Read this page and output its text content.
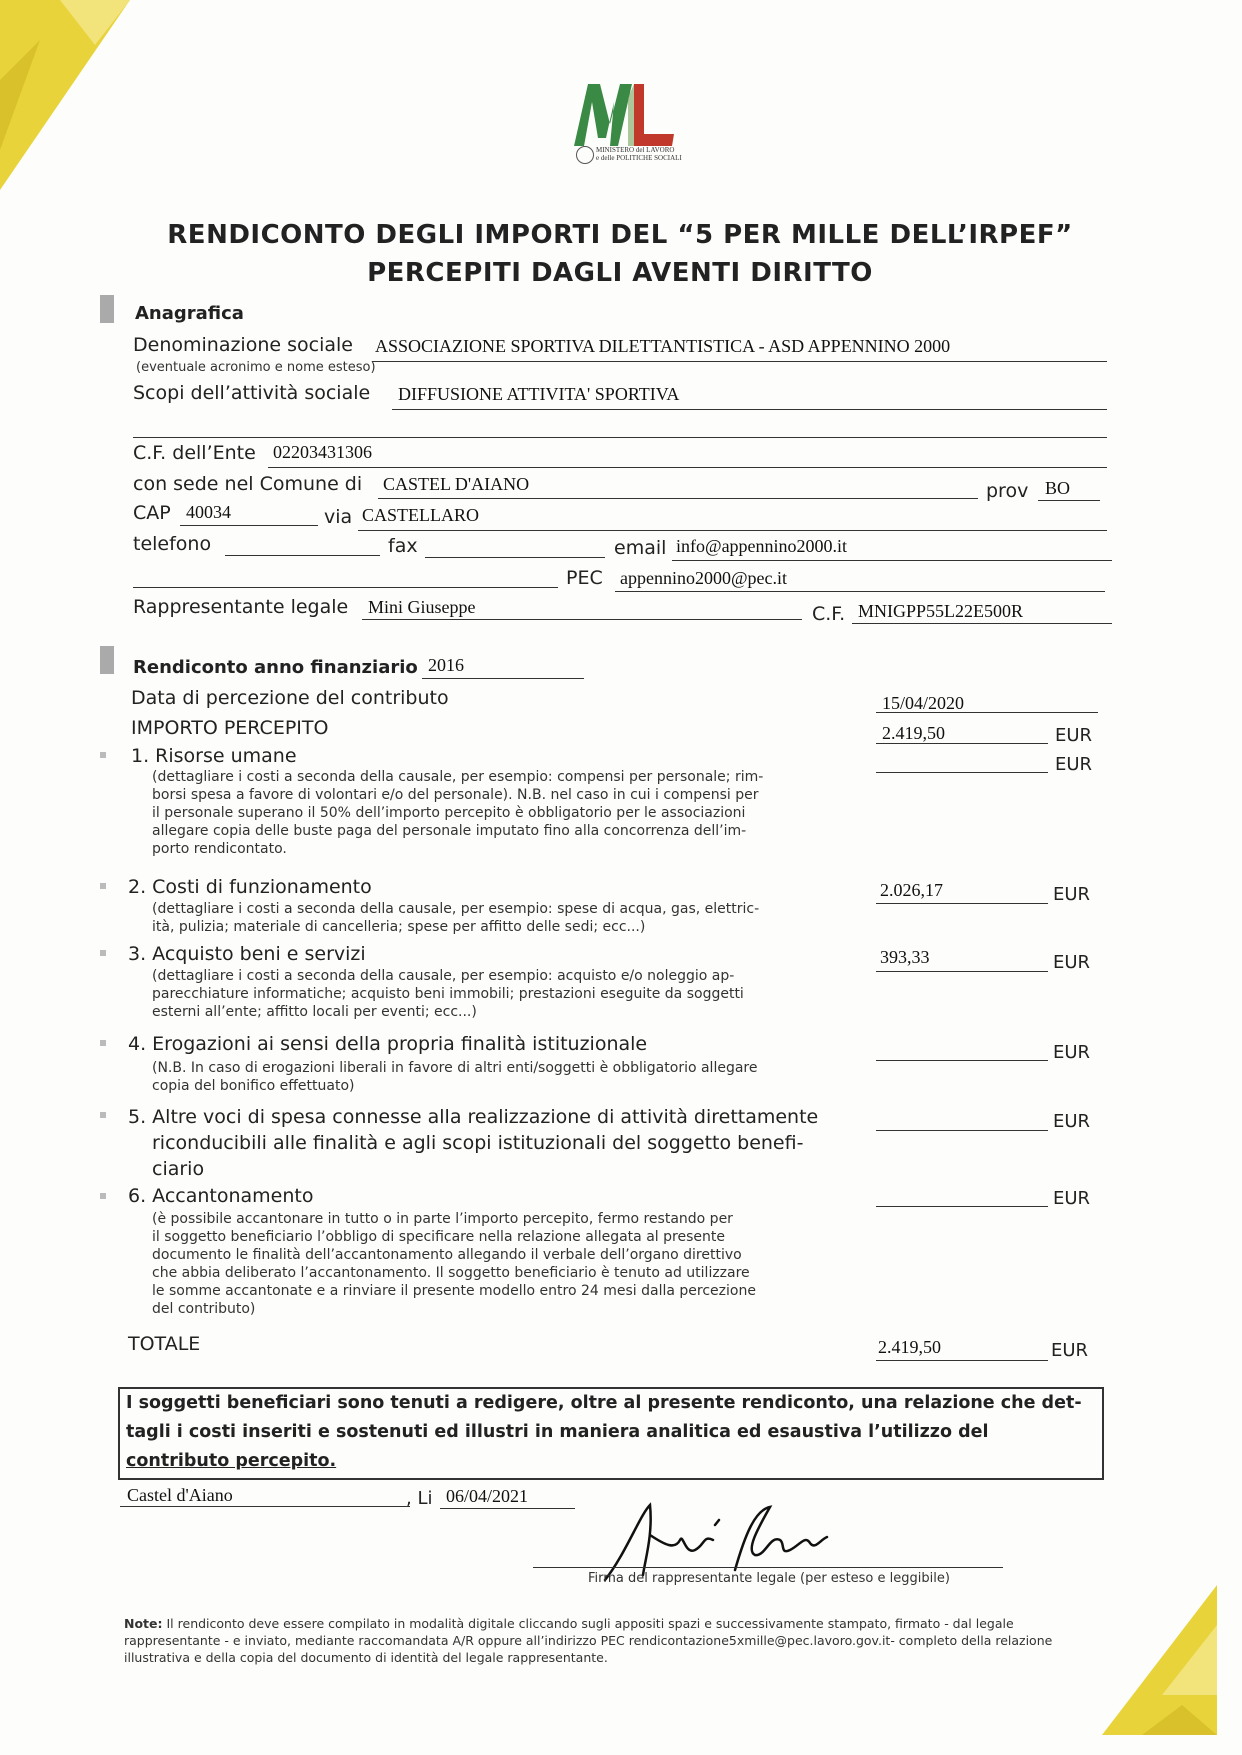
MINISTERO del LAVORO
e delle POLITICHE SOCIALI
RENDICONTO DEGLI IMPORTI DEL “5 PER MILLE DELL’IRPEF”
PERCEPITI DAGLI AVENTI DIRITTO
Anagrafica
Denominazione sociale ASSOCIAZIONE SPORTIVA DILETTANTISTICA - ASD APPENNINO 2000
(eventuale acronimo e nome esteso)
Scopi dell’attività sociale DIFFUSIONE ATTIVITA' SPORTIVA
C.F. dell’Ente 02203431306
con sede nel Comune di CASTEL D'AIANO	prov BO
CAP 40034	via CASTELLARO
telefono	fax	email info@appennino2000.it
PEC appennino2000@pec.it
Rappresentante legale Mini Giuseppe	C.F. MNIGPP55L22E500R
Rendiconto anno finanziario 2016
Data di percezione del contributo	15/04/2020
IMPORTO PERCEPITO	2.419,50	EUR
1. Risorse umane
(dettagliare i costi a seconda della causale, per esempio: compensi per personale; rim-
borsi spesa a favore di volontari e/o del personale). N.B. nel caso in cui i compensi per
il personale superano il 50% dell’importo percepito è obbligatorio per le associazioni
allegare copia delle buste paga del personale imputato fino alla concorrenza dell’im-
porto rendicontato.
EUR
2. Costi di funzionamento
(dettagliare i costi a seconda della causale, per esempio: spese di acqua, gas, elettric-
ità, pulizia; materiale di cancelleria; spese per affitto delle sedi; ecc...)
2.026,17	EUR
3. Acquisto beni e servizi
(dettagliare i costi a seconda della causale, per esempio: acquisto e/o noleggio ap-
parecchiature informatiche; acquisto beni immobili; prestazioni eseguite da soggetti
esterni all’ente; affitto locali per eventi; ecc...)
393,33	EUR
4. Erogazioni ai sensi della propria finalità istituzionale
(N.B. In caso di erogazioni liberali in favore di altri enti/soggetti è obbligatorio allegare
copia del bonifico effettuato)
EUR
5. Altre voci di spesa connesse alla realizzazione di attività direttamente
riconducibili alle finalità e agli scopi istituzionali del soggetto benefi-
ciario
EUR
6. Accantonamento
(è possibile accantonare in tutto o in parte l’importo percepito, fermo restando per
il soggetto beneficiario l’obbligo di specificare nella relazione allegata al presente
documento le finalità dell’accantonamento allegando il verbale dell’organo direttivo
che abbia deliberato l’accantonamento. Il soggetto beneficiario è tenuto ad utilizzare
le somme accantonate e a rinviare il presente modello entro 24 mesi dalla percezione
del contributo)
EUR
TOTALE	2.419,50	EUR
I soggetti beneficiari sono tenuti a redigere, oltre al presente rendiconto, una relazione che det-
tagli i costi inseriti e sostenuti ed illustri in maniera analitica ed esaustiva l’utilizzo del
contributo percepito.
Castel d'Aiano	, Li 06/04/2021
Firma del rappresentante legale (per esteso e leggibile)
Note: Il rendiconto deve essere compilato in modalità digitale cliccando sugli appositi spazi e successivamente stampato, firmato - dal legale rappresentante - e inviato, mediante raccomandata A/R oppure all’indirizzo PEC rendicontazione5xmille@pec.lavoro.gov.it- completo della relazione illustrativa e della copia del documento di identità del legale rappresentante.
